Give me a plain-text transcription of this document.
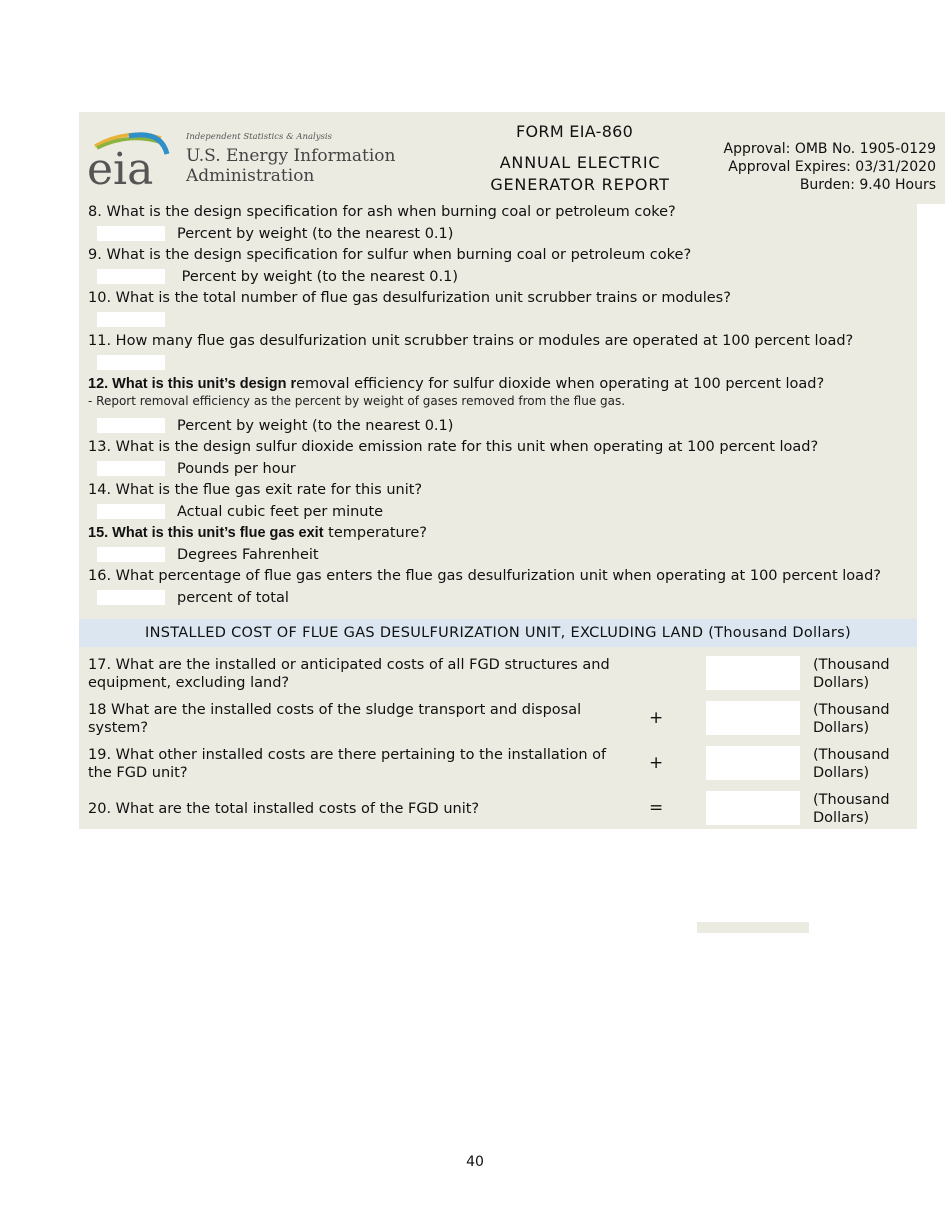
eia
Independent Statistics & Analysis
U.S. Energy Information
Administration
FORM EIA-860
ANNUAL ELECTRIC GENERATOR REPORT
Approval: OMB No. 1905-0129
Approval Expires: 03/31/2020
Burden: 9.40 Hours
8. What is the design specification for ash when burning coal or petroleum coke?
Percent by weight (to the nearest 0.1)
9. What is the design specification for sulfur when burning coal or petroleum coke?
Percent by weight (to the nearest 0.1)
10. What is the total number of flue gas desulfurization unit scrubber trains or modules?
11. How many flue gas desulfurization unit scrubber trains or modules are operated at 100 percent load?
12. What is this unit’s design removal efficiency for sulfur dioxide when operating at 100 percent load?
- Report removal efficiency as the percent by weight of gases removed from the flue gas.
Percent by weight (to the nearest 0.1)
13. What is the design sulfur dioxide emission rate for this unit when operating at 100 percent load?
Pounds per hour
14. What is the flue gas exit rate for this unit?
Actual cubic feet per minute
15. What is this unit’s flue gas exit temperature?
Degrees Fahrenheit
16. What percentage of flue gas enters the flue gas desulfurization unit when operating at 100 percent load?
percent of total
INSTALLED COST OF FLUE GAS DESULFURIZATION UNIT, EXCLUDING LAND (Thousand Dollars)
17. What are the installed or anticipated costs of all FGD structures and equipment, excluding land?
(Thousand
Dollars)
18 What are the installed costs of the sludge transport and disposal system?	+	(Thousand
Dollars)
19. What other installed costs are there pertaining to the installation of the FGD unit?	+	(Thousand
Dollars)
20. What are the total installed costs of the FGD unit?	=	(Thousand
Dollars)
40
